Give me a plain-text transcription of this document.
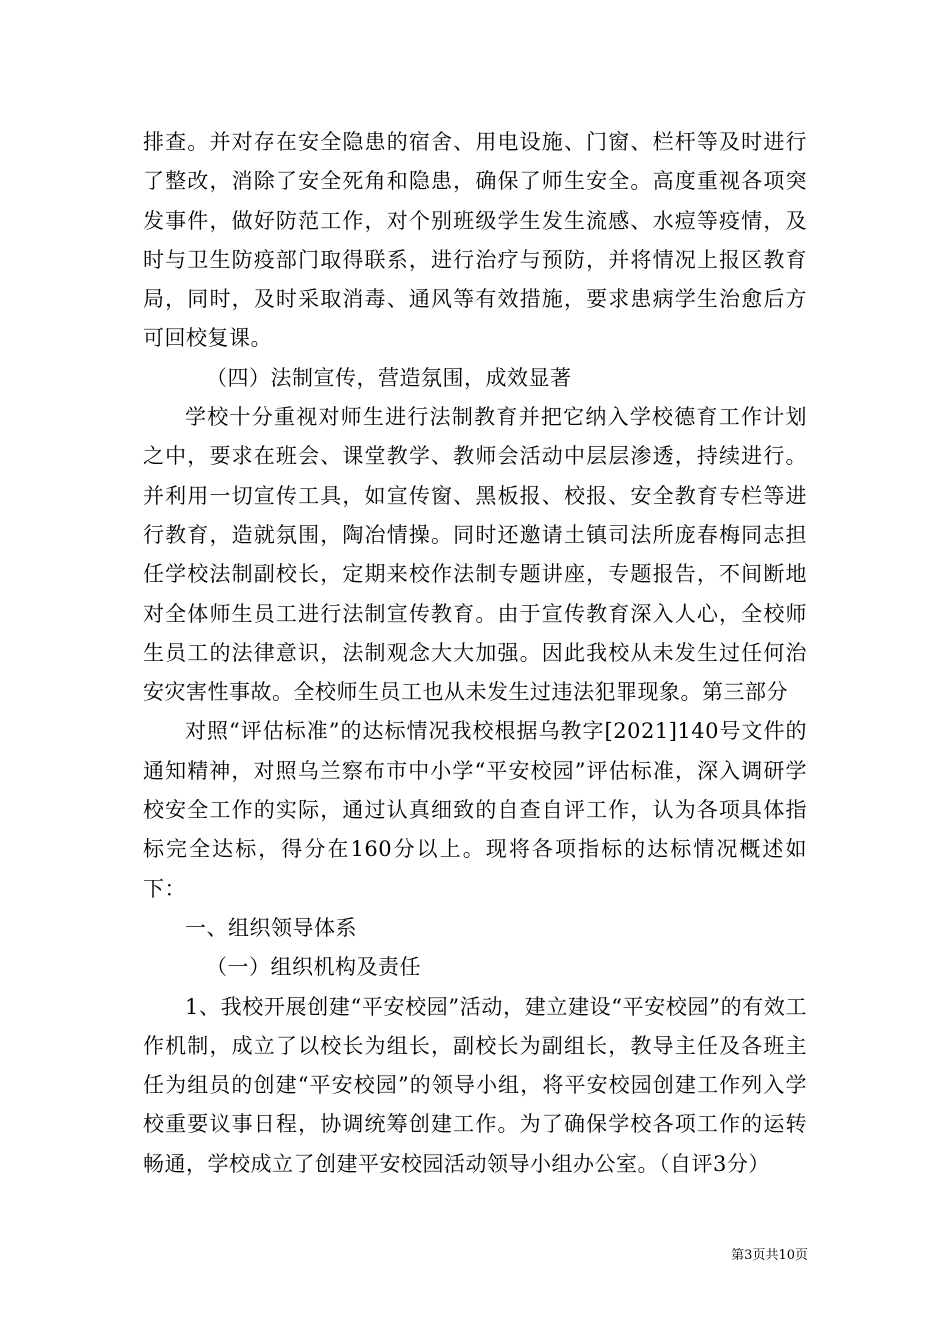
排查。并对存在安全隐患的宿舍、用电设施、门窗、栏杆等及时进行了整改，消除了安全死角和隐患，确保了师生安全。高度重视各项突发事件，做好防范工作，对个别班级学生发生流感、水痘等疫情，及时与卫生防疫部门取得联系，进行治疗与预防，并将情况上报区教育局，同时，及时采取消毒、通风等有效措施，要求患病学生治愈后方可回校复课。

（四）法制宣传，营造氛围，成效显著

学校十分重视对师生进行法制教育并把它纳入学校德育工作计划之中，要求在班会、课堂教学、教师会活动中层层渗透，持续进行。并利用一切宣传工具，如宣传窗、黑板报、校报、安全教育专栏等进行教育，造就氛围，陶冶情操。同时还邀请土镇司法所庞春梅同志担任学校法制副校长，定期来校作法制专题讲座，专题报告，不间断地对全体师生员工进行法制宣传教育。由于宣传教育深入人心，全校师生员工的法律意识，法制观念大大加强。因此我校从未发生过任何治安灾害性事故。全校师生员工也从未发生过违法犯罪现象。第三部分

对照“评估标准”的达标情况我校根据乌教字[2021]140号文件的通知精神，对照乌兰察布市中小学“平安校园”评估标准，深入调研学校安全工作的实际，通过认真细致的自查自评工作，认为各项具体指标完全达标，得分在160分以上。现将各项指标的达标情况概述如下：

一、组织领导体系

（一）组织机构及责任

1、我校开展创建“平安校园”活动，建立建设“平安校园”的有效工作机制，成立了以校长为组长，副校长为副组长，教导主任及各班主任为组员的创建“平安校园”的领导小组，将平安校园创建工作列入学校重要议事日程，协调统筹创建工作。为了确保学校各项工作的运转畅通，学校成立了创建平安校园活动领导小组办公室。（自评3分）

第3页共10页
